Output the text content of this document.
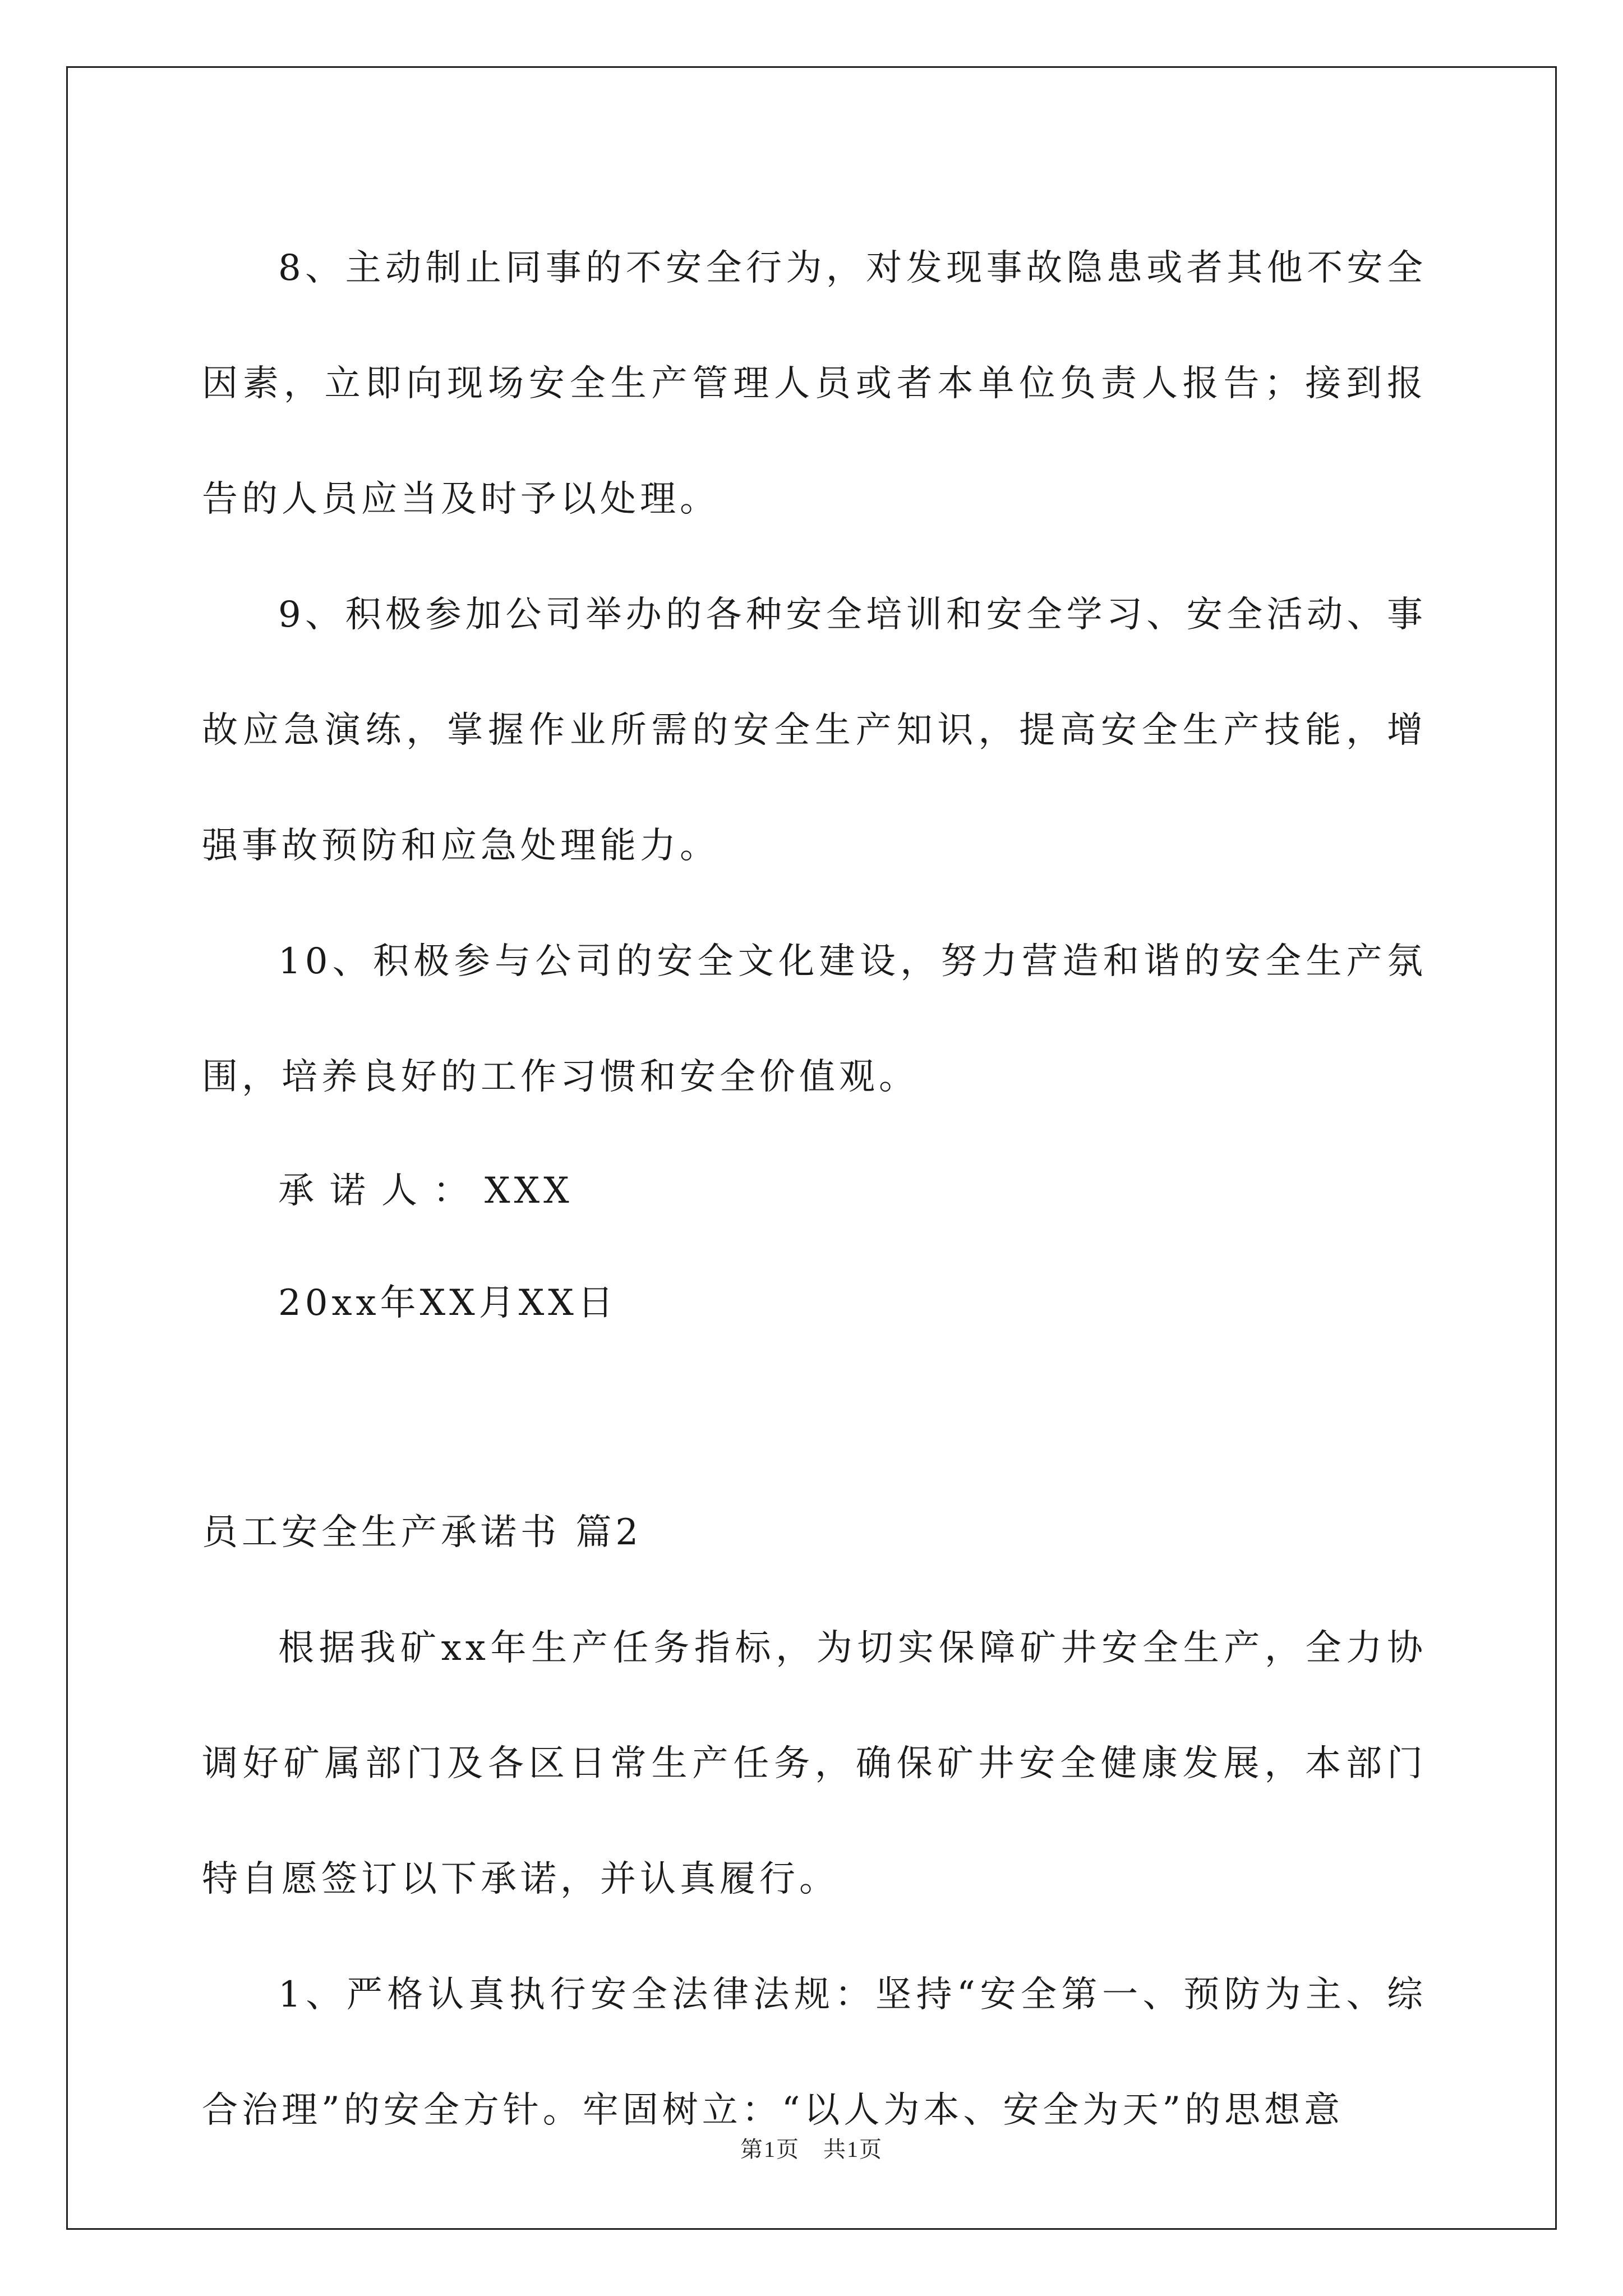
8、主动制止同事的不安全行为，对发现事故隐患或者其他不安全因素，立即向现场安全生产管理人员或者本单位负责人报告；接到报告的人员应当及时予以处理。

9、积极参加公司举办的各种安全培训和安全学习、安全活动、事故应急演练，掌握作业所需的安全生产知识，提高安全生产技能，增强事故预防和应急处理能力。

10、积极参与公司的安全文化建设，努力营造和谐的安全生产氛围，培养良好的工作习惯和安全价值观。

承诺人：XXX

20xx年XX月XX日

员工安全生产承诺书 篇2

根据我矿xx年生产任务指标，为切实保障矿井安全生产，全力协调好矿属部门及各区日常生产任务，确保矿井安全健康发展，本部门特自愿签订以下承诺，并认真履行。

1、严格认真执行安全法律法规：坚持“安全第一、预防为主、综合治理”的安全方针。牢固树立：“以人为本、安全为天”的思想意

第1页　共1页
